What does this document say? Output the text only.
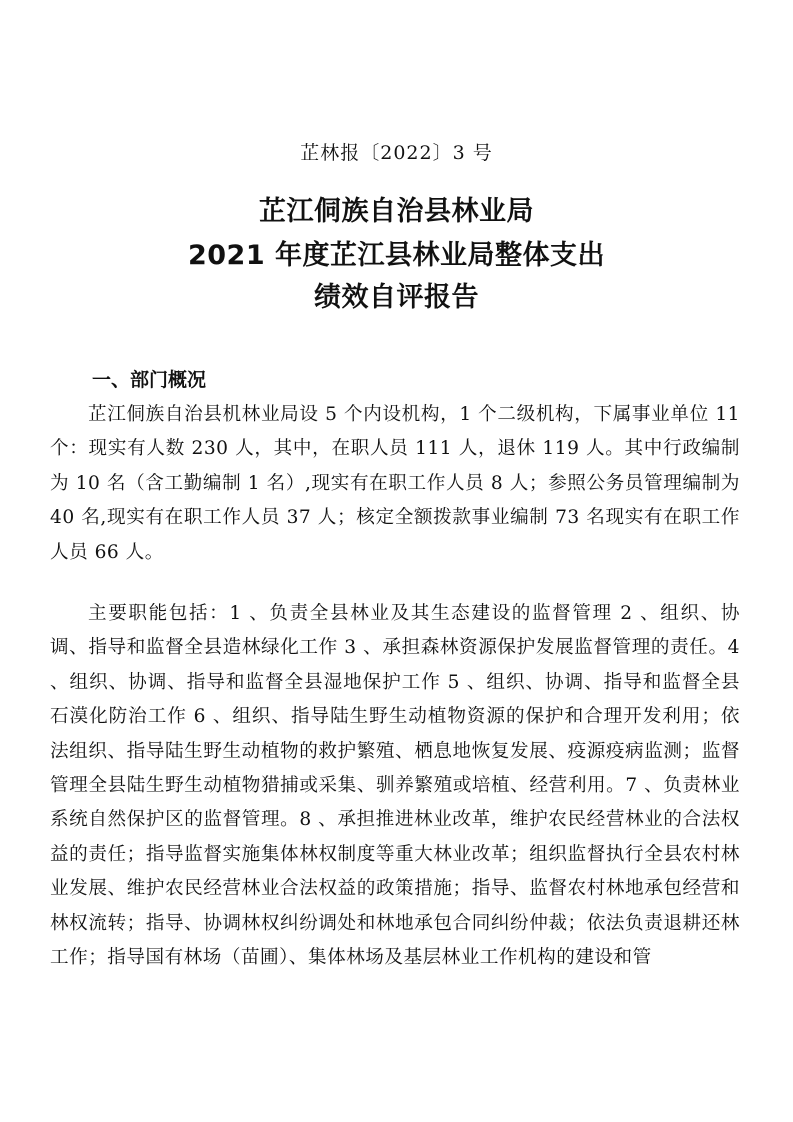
芷林报〔2022〕3 号
芷江侗族自治县林业局
2021 年度芷江县林业局整体支出
绩效自评报告
一、部门概况
芷江侗族自治县机林业局设 5 个内设机构，1 个二级机构，下属事业单位 11 个：现实有人数 230 人，其中，在职人员 111 人，退休 119 人。其中行政编制为 10 名（含工勤编制 1 名）,现实有在职工作人员 8 人；参照公务员管理编制为 40 名,现实有在职工作人员 37 人；核定全额拨款事业编制 73 名现实有在职工作人员 66 人。
主要职能包括：1 、负责全县林业及其生态建设的监督管理 2 、组织、协调、指导和监督全县造林绿化工作 3 、承担森林资源保护发展监督管理的责任。4 、组织、协调、指导和监督全县湿地保护工作 5 、组织、协调、指导和监督全县石漠化防治工作 6 、组织、指导陆生野生动植物资源的保护和合理开发利用；依法组织、指导陆生野生动植物的救护繁殖、栖息地恢复发展、疫源疫病监测；监督管理全县陆生野生动植物猎捕或采集、驯养繁殖或培植、经营利用。7 、负责林业系统自然保护区的监督管理。8 、承担推进林业改革，维护农民经营林业的合法权益的责任；指导监督实施集体林权制度等重大林业改革；组织监督执行全县农村林业发展、维护农民经营林业合法权益的政策措施；指导、监督农村林地承包经营和林权流转；指导、协调林权纠纷调处和林地承包合同纠纷仲裁；依法负责退耕还林工作；指导国有林场（苗圃）、集体林场及基层林业工作机构的建设和管
